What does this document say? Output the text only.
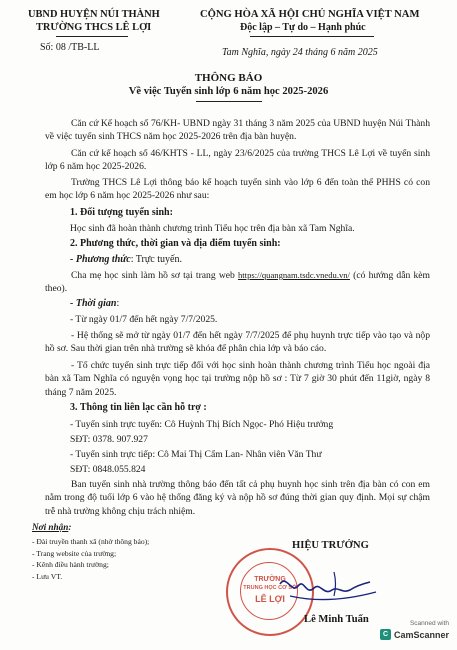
UBND HUYỆN NÚI THÀNH
TRƯỜNG THCS LÊ LỢI
CỘNG HÒA XÃ HỘI CHỦ NGHĨA VIỆT NAM
Độc lập – Tự do – Hạnh phúc
Số: 08 /TB-LL	Tam Nghĩa, ngày 24 tháng 6 năm 2025
THÔNG BÁO
Về việc Tuyển sinh lớp 6 năm học 2025-2026

Căn cứ Kế hoạch số 76/KH- UBND ngày 31 tháng 3 năm 2025 của UBND huyện Núi Thành về việc tuyển sinh THCS năm học 2025-2026 trên địa bàn huyện.

Căn cứ kế hoạch số 46/KHTS - LL, ngày 23/6/2025 của trường THCS Lê Lợi về tuyển sinh lớp 6 năm học 2025-2026.

Trường THCS Lê Lợi thông báo kế hoạch tuyển sinh vào lớp 6 đến toàn thể PHHS có con em học lớp 6 năm học 2025-2026 như sau:

1. Đối tượng tuyển sinh:

Học sinh đã hoàn thành chương trình Tiểu học trên địa bàn xã Tam Nghĩa.

2. Phương thức, thời gian và địa điểm tuyển sinh:
- Phương thức: Trực tuyến.

Cha mẹ học sinh làm hồ sơ tại trang web https://quangnam.tsdc.vnedu.vn/ (có hướng dẫn kèm theo).

- Thời gian:

- Từ ngày 01/7 đến hết ngày 7/7/2025.

- Hệ thống sẽ mở từ ngày 01/7 đến hết ngày 7/7/2025 để phụ huynh trực tiếp vào tạo và nộp hồ sơ. Sau thời gian trên nhà trường sẽ khóa để phân chia lớp và báo cáo.

- Tổ chức tuyển sinh trực tiếp đối với học sinh hoàn thành chương trình Tiểu học ngoài địa bàn xã Tam Nghĩa có nguyện vọng học tại trường nộp hồ sơ : Từ 7 giờ 30 phút đến 11giờ, ngày 8 tháng 7 năm 2025.

3. Thông tin liên lạc cần hỗ trợ :

- Tuyển sinh trực tuyến: Cô Huỳnh Thị Bích Ngọc- Phó Hiệu trưởng

SĐT: 0378. 907.927

- Tuyển sinh trực tiếp: Cô Mai Thị Cẩm Lan- Nhân viên Văn Thư

SĐT: 0848.055.824

Ban tuyển sinh nhà trường thông báo đến tất cả phụ huynh học sinh trên địa bàn có con em nằm trong độ tuổi lớp 6 vào hệ thống đăng ký và nộp hồ sơ đúng thời gian quy định. Mọi sự chậm trễ nhà trường không chịu trách nhiệm.

Nơi nhận:
- Đài truyền thanh xã (nhờ thông báo);
- Trang website của trường;
- Kênh điều hành trường;
- Lưu VT.
HIỆU TRƯỞNG
TRƯỜNG
TRUNG HỌC CƠ SỞ
LÊ LỢI
Lê Minh Tuấn	Scanned with
C CamScanner
